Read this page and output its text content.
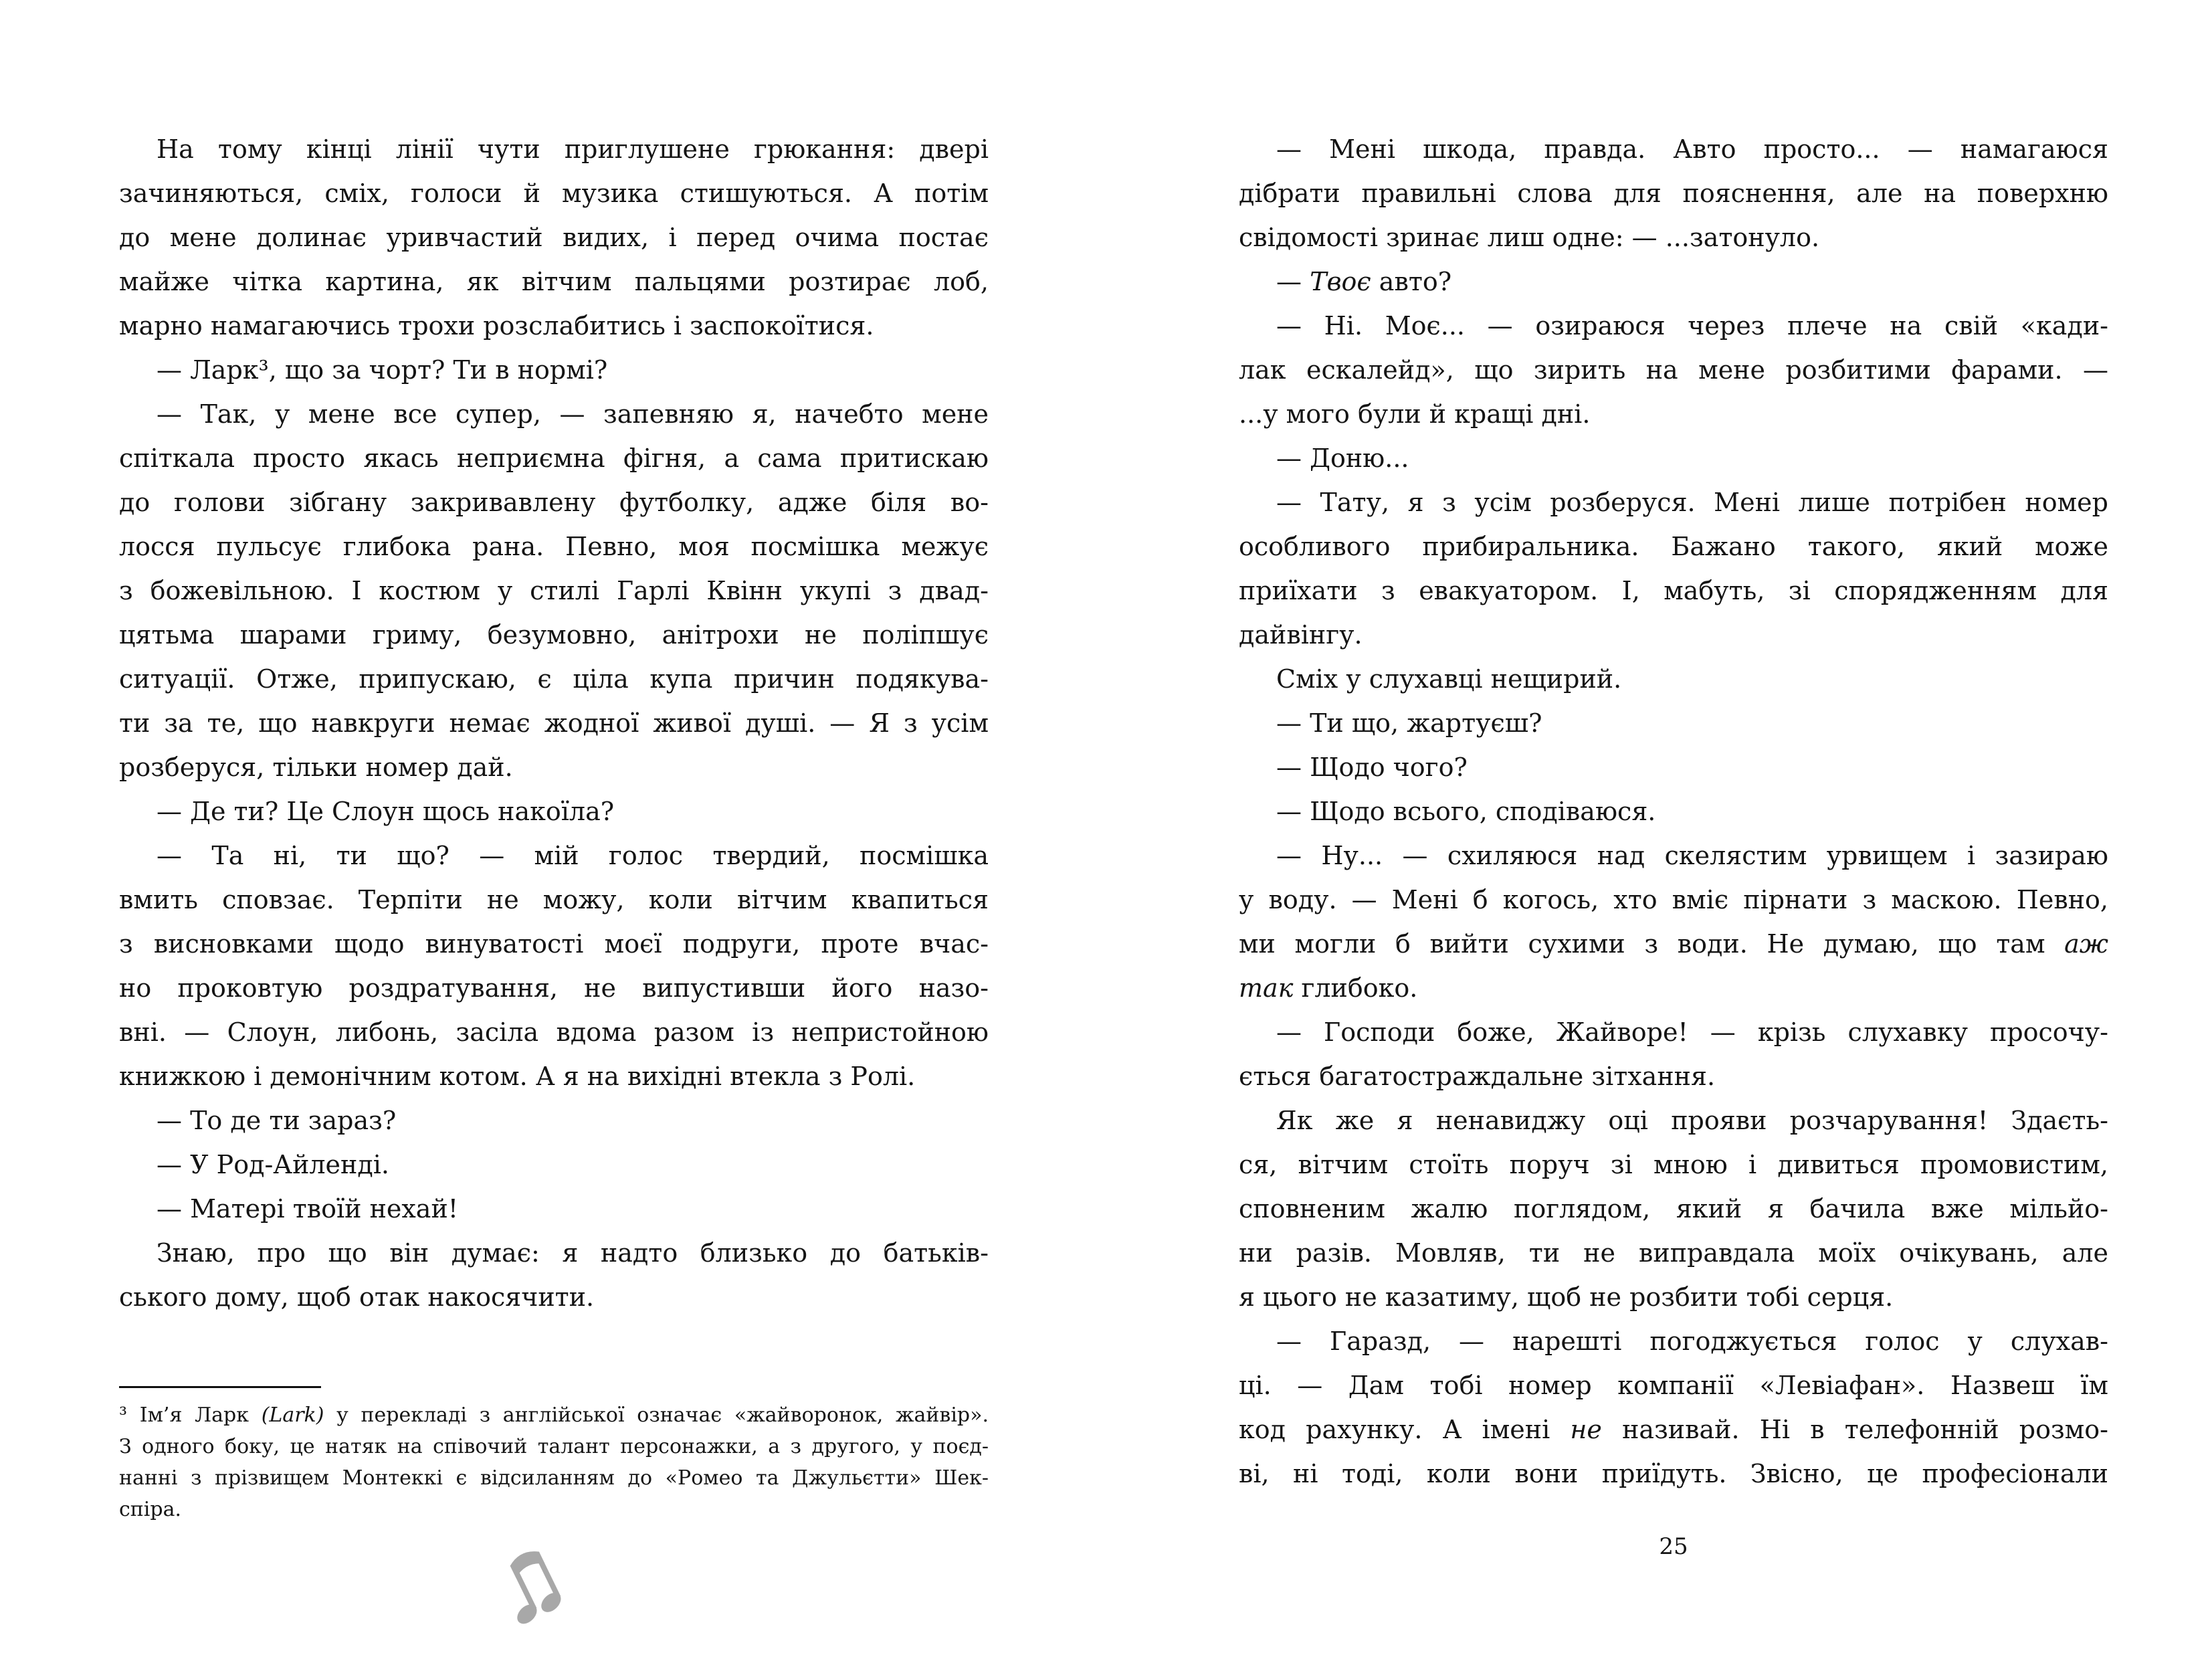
На тому кінці лінії чути приглушене грюкання: двері
зачиняються, сміх, голоси й музика стишуються. А потім
до мене долинає уривчастий видих, і перед очима постає
майже чітка картина, як вітчим пальцями розтирає лоб,
марно намагаючись трохи розслабитись і заспокоїтися.
— Ларк³, що за чорт? Ти в нормі?
— Так, у мене все супер, — запевняю я, начебто мене
спіткала просто якась неприємна фігня, а сама притискаю
до голови зібгану закривавлену футболку, адже біля во-
лосся пульсує глибока рана. Певно, моя посмішка межує
з божевільною. І костюм у стилі Гарлі Квінн укупі з двад-
цятьма шарами гриму, безумовно, анітрохи не поліпшує
ситуації. Отже, припускаю, є ціла купа причин подякува-
ти за те, що навкруги немає жодної живої душі. — Я з усім
розберуся, тільки номер дай.
— Де ти? Це Слоун щось накоїла?
— Та ні, ти що? — мій голос твердий, посмішка
вмить сповзає. Терпіти не можу, коли вітчим квапиться
з висновками щодо винуватості моєї подруги, проте вчас-
но проковтую роздратування, не випустивши його назо-
вні. — Слоун, либонь, засіла вдома разом із непристойною
книжкою і демонічним котом. А я на вихідні втекла з Ролі.
— То де ти зараз?
— У Род-Айленді.
— Матері твоїй нехай!
Знаю, про що він думає: я надто близько до батьків-
ського дому, щоб отак накосячити.
³ Ім’я Ларк (Lark) у перекладі з англійської означає «жайворонок, жайвір».
З одного боку, це натяк на співочий талант персонажки, а з другого, у поєд-
нанні з прізвищем Монтеккі є відсиланням до «Ромео та Джульєтти» Шек-
спіра.
— Мені шкода, правда. Авто просто... — намагаюся
дібрати правильні слова для пояснення, але на поверхню
свідомості зринає лиш одне: — ...затонуло.
— Твоє авто?
— Ні. Моє... — озираюся через плече на свій «кади-
лак ескалейд», що зирить на мене розбитими фарами. —
...у мого були й кращі дні.
— Доню...
— Тату, я з усім розберуся. Мені лише потрібен номер
особливого прибиральника. Бажано такого, який може
приїхати з евакуатором. І, мабуть, зі спорядженням для
дайвінгу.
Сміх у слухавці нещирий.
— Ти що, жартуєш?
— Щодо чого?
— Щодо всього, сподіваюся.
— Ну... — схиляюся над скелястим урвищем і зазираю
у воду. — Мені б когось, хто вміє пірнати з маскою. Певно,
ми могли б вийти сухими з води. Не думаю, що там аж
так глибоко.
— Господи боже, Жайворе! — крізь слухавку просочу-
ється багатостраждальне зітхання.
Як же я ненавиджу оці прояви розчарування! Здаєть-
ся, вітчим стоїть поруч зі мною і дивиться промовистим,
сповненим жалю поглядом, який я бачила вже мільйо-
ни разів. Мовляв, ти не виправдала моїх очікувань, але
я цього не казатиму, щоб не розбити тобі серця.
— Гаразд, — нарешті погоджується голос у слухав-
ці. — Дам тобі номер компанії «Левіафан». Назвеш їм
код рахунку. А імені не називай. Ні в телефонній розмо-
ві, ні тоді, коли вони приїдуть. Звісно, це професіонали
25
